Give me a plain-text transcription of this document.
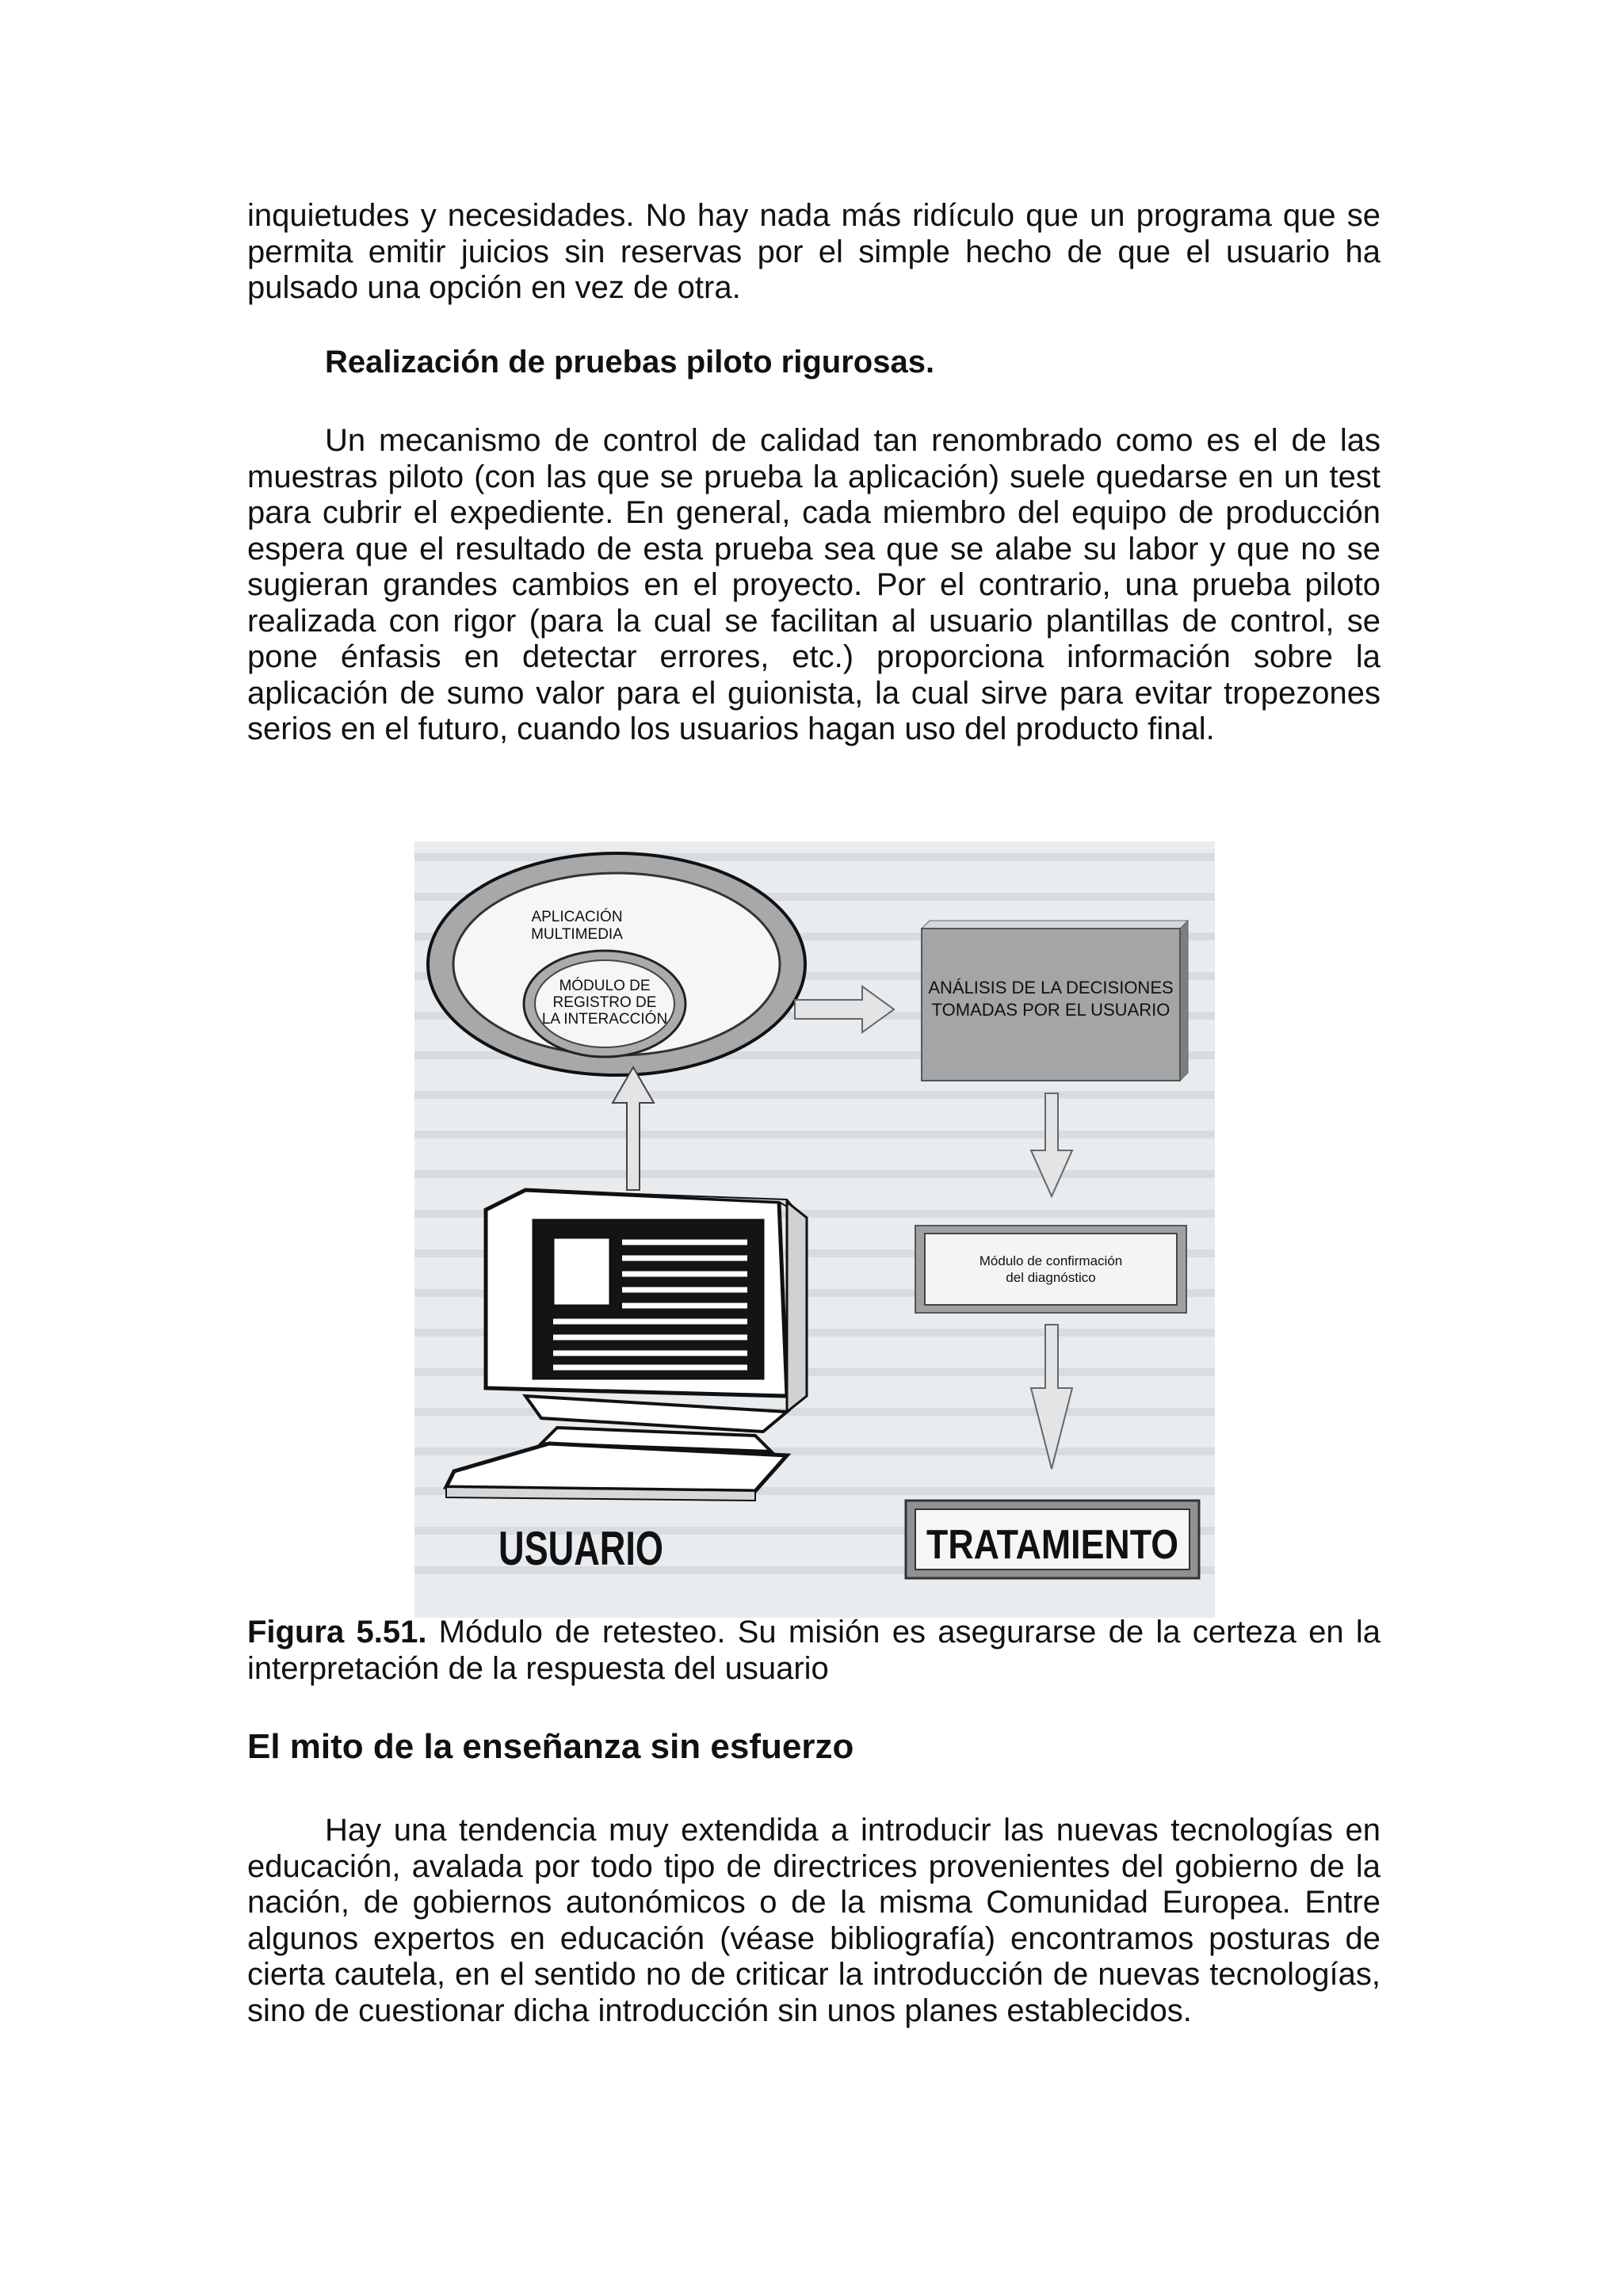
inquietudes y necesidades. No hay nada más ridículo que un programa que se permita emitir juicios sin reservas por el simple hecho de que el usuario ha pulsado una opción en vez de otra.

Realización de pruebas piloto rigurosas.

Un mecanismo de control de calidad tan renombrado como es el de las muestras piloto (con las que se prueba la aplicación) suele quedarse en un test para cubrir el expediente. En general, cada miembro del equipo de producción espera que el resultado de esta prueba sea que se alabe su labor y que no se sugieran grandes cambios en el proyecto. Por el contrario, una prueba piloto realizada con rigor (para la cual se facilitan al usuario plantillas de control, se pone énfasis en detectar errores, etc.) proporciona información sobre la aplicación de sumo valor para el guionista, la cual sirve para evitar tropezones serios en el futuro, cuando los usuarios hagan uso del producto final.

APLICACIÓN
MULTIMEDIA
MÓDULO DE
REGISTRO DE
LA INTERACCIÓN
ANÁLISIS DE LA DECISIONES
TOMADAS POR EL USUARIO
Módulo de confirmación
del diagnóstico
TRATAMIENTO
USUARIO

Figura 5.51. Módulo de retesteo. Su misión es asegurarse de la certeza en la interpretación de la respuesta del usuario

El mito de la enseñanza sin esfuerzo

Hay una tendencia muy extendida a introducir las nuevas tecnologías en educación, avalada por todo tipo de directrices provenientes del gobierno de la nación, de gobiernos autonómicos o de la misma Comunidad Europea. Entre algunos expertos en educación (véase bibliografía) encontramos posturas de cierta cautela, en el sentido no de criticar la introducción de nuevas tecnologías, sino de cuestionar dicha introducción sin unos planes establecidos.
